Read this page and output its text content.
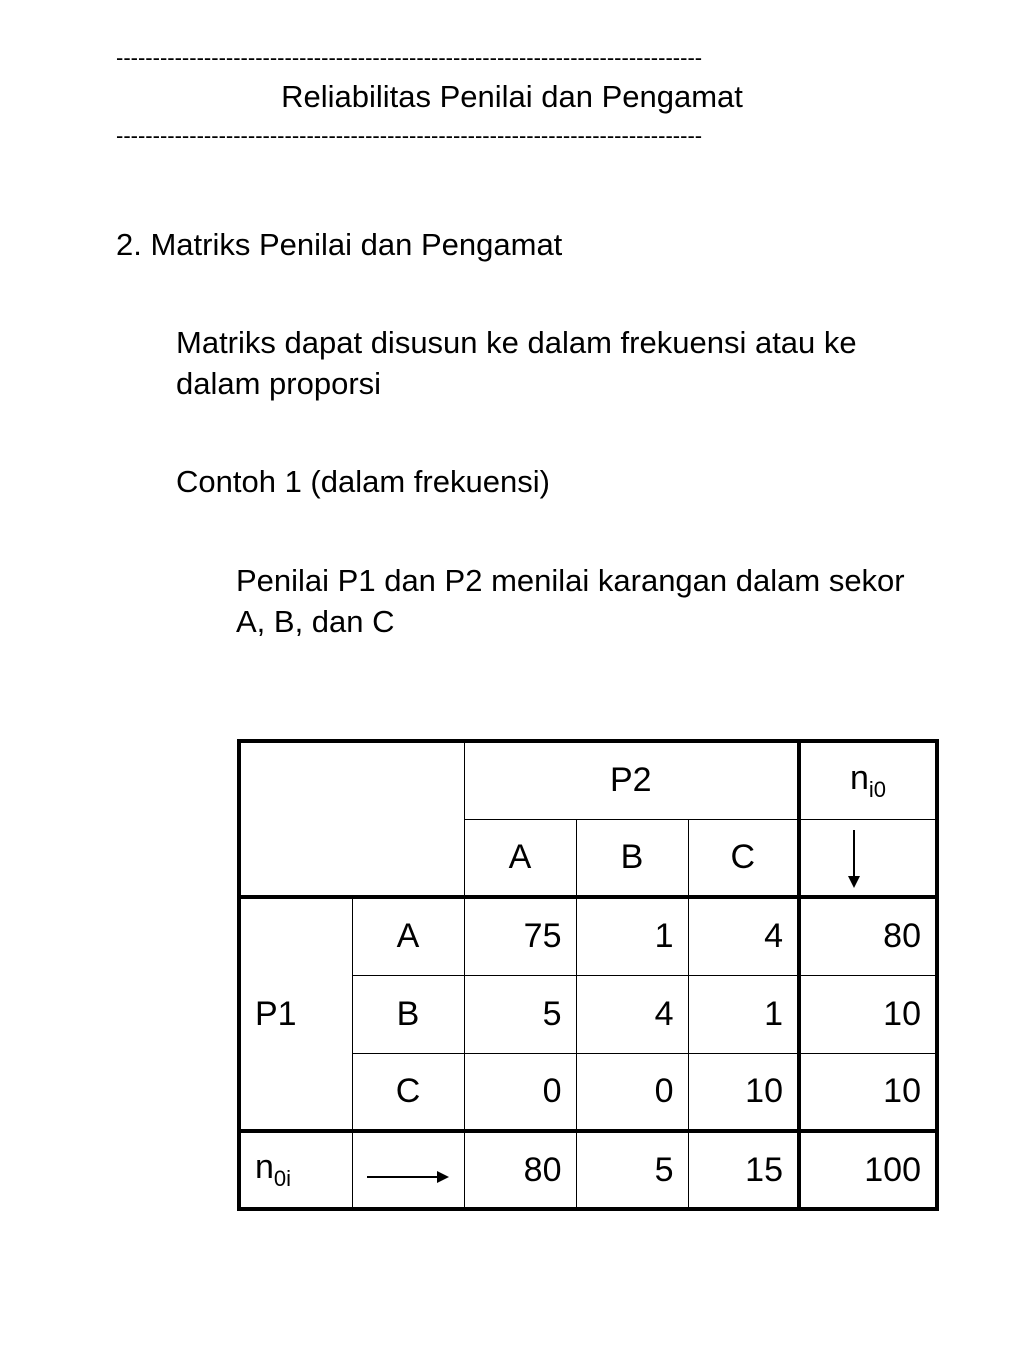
--------------------------------------------------------------------------------
Reliabilitas Penilai dan Pengamat
--------------------------------------------------------------------------------
2. Matriks Penilai dan Pengamat
Matriks dapat disusun ke dalam frekuensi atau ke
dalam proporsi
Contoh 1 (dalam frekuensi)
Penilai P1 dan P2 menilai karangan dalam sekor
A, B, dan C
		P2			$n_{i0}$
		A	B	C	

P1	A	75	1	4	80
	B	5	4	1	10
	C	0	0	10	10
$n_{0i}$		80	5	15	100
